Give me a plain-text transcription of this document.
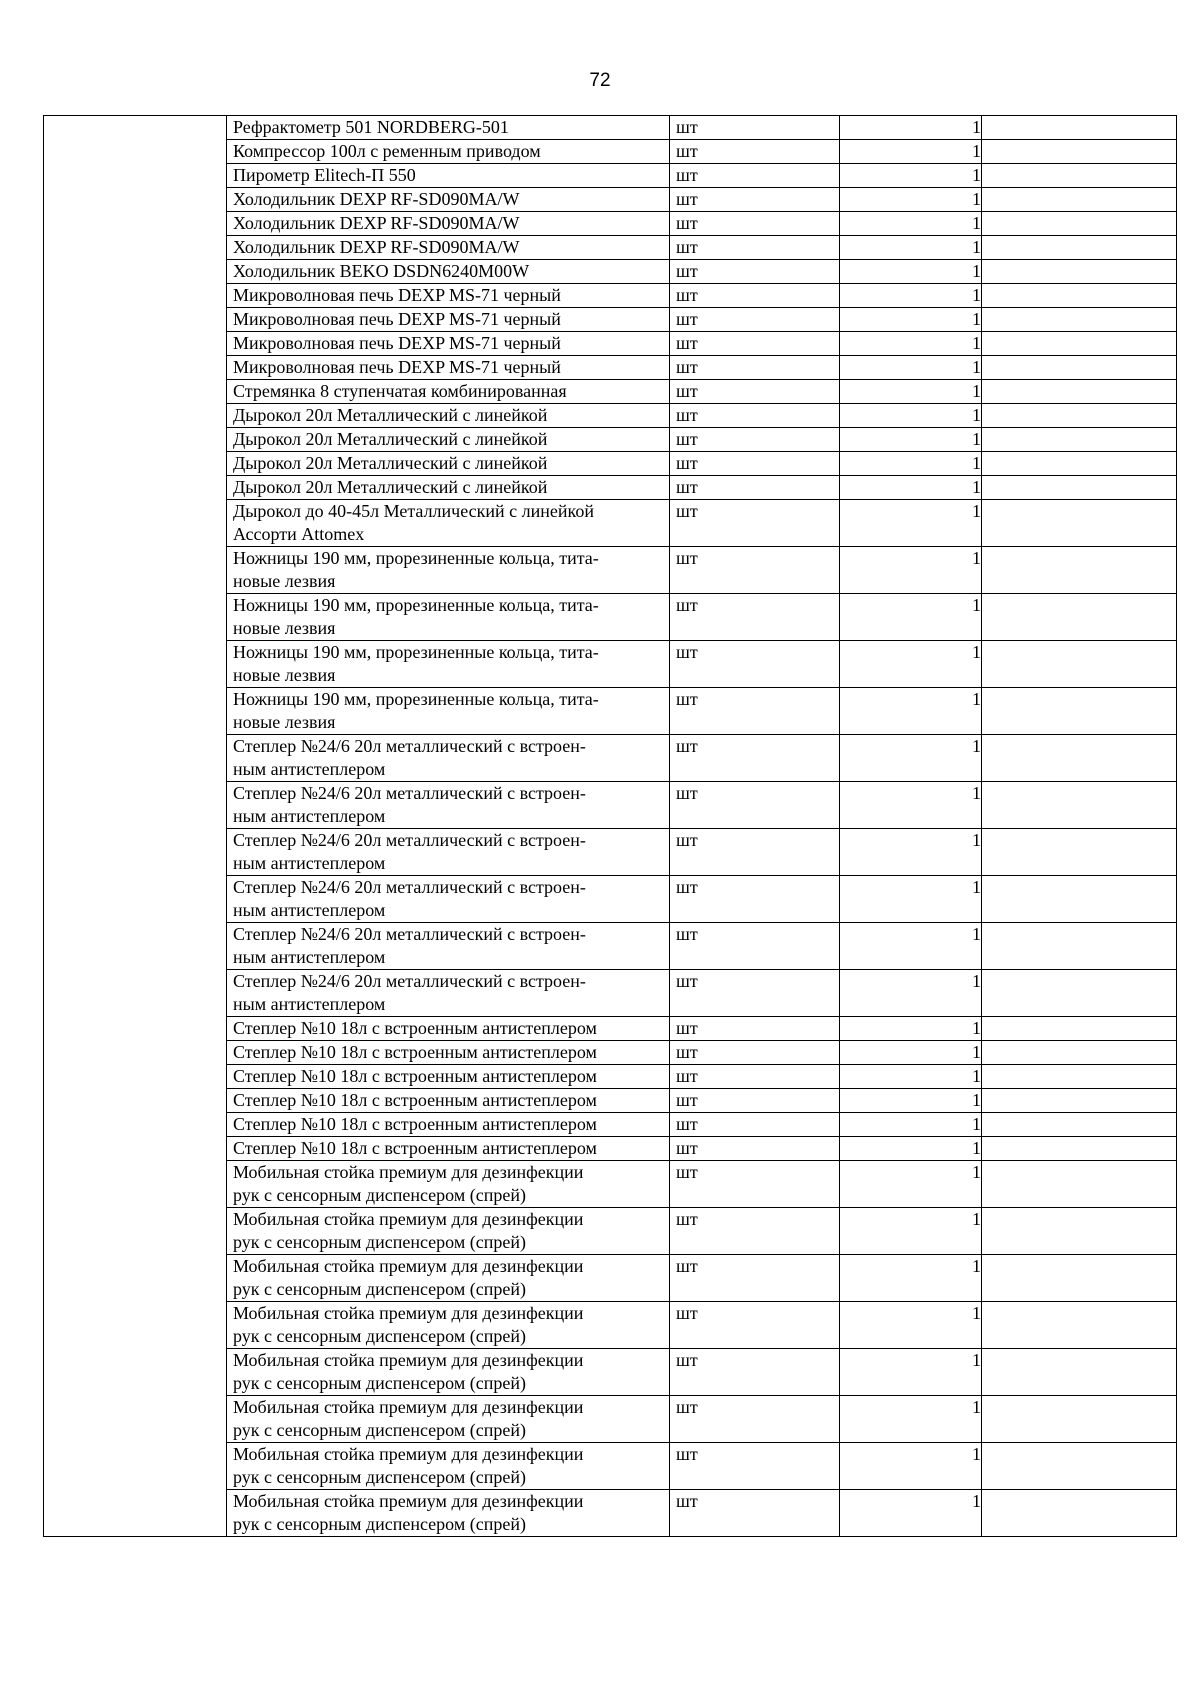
72
	Рефрактометр 501 NORDBERG-501	шт	1	
	Компрессор 100л с ременным приводом	шт	1	
	Пирометр Elitech-П 550	шт	1	
	Холодильник DEXP RF-SD090MA/W	шт	1	
	Холодильник DEXP RF-SD090MA/W	шт	1	
	Холодильник DEXP RF-SD090MA/W	шт	1	
	Холодильник BEKO DSDN6240M00W	шт	1	
	Микроволновая печь DEXP MS-71 черный	шт	1	
	Микроволновая печь DEXP MS-71 черный	шт	1	
	Микроволновая печь DEXP MS-71 черный	шт	1	
	Микроволновая печь DEXP MS-71 черный	шт	1	
	Стремянка 8 ступенчатая комбинированная	шт	1	
	Дырокол 20л Металлический с линейкой	шт	1	
	Дырокол 20л Металлический с линейкой	шт	1	
	Дырокол 20л Металлический с линейкой	шт	1	
	Дырокол 20л Металлический с линейкой	шт	1	
	Дырокол до 40-45л Металлический с линейкой
Ассорти Attomex	шт	1	
	Ножницы 190 мм, прорезиненные кольца, тита-
новые лезвия	шт	1	
	Ножницы 190 мм, прорезиненные кольца, тита-
новые лезвия	шт	1	
	Ножницы 190 мм, прорезиненные кольца, тита-
новые лезвия	шт	1	
	Ножницы 190 мм, прорезиненные кольца, тита-
новые лезвия	шт	1	
	Степлер №24/6 20л металлический с встроен-
ным антистеплером	шт	1	
	Степлер №24/6 20л металлический с встроен-
ным антистеплером	шт	1	
	Степлер №24/6 20л металлический с встроен-
ным антистеплером	шт	1	
	Степлер №24/6 20л металлический с встроен-
ным антистеплером	шт	1	
	Степлер №24/6 20л металлический с встроен-
ным антистеплером	шт	1	
	Степлер №24/6 20л металлический с встроен-
ным антистеплером	шт	1	
	Степлер №10 18л с встроенным антистеплером	шт	1	
	Степлер №10 18л с встроенным антистеплером	шт	1	
	Степлер №10 18л с встроенным антистеплером	шт	1	
	Степлер №10 18л с встроенным антистеплером	шт	1	
	Степлер №10 18л с встроенным антистеплером	шт	1	
	Степлер №10 18л с встроенным антистеплером	шт	1	
	Мобильная стойка премиум для дезинфекции
рук с сенсорным диспенсером (спрей)	шт	1	
	Мобильная стойка премиум для дезинфекции
рук с сенсорным диспенсером (спрей)	шт	1	
	Мобильная стойка премиум для дезинфекции
рук с сенсорным диспенсером (спрей)	шт	1	
	Мобильная стойка премиум для дезинфекции
рук с сенсорным диспенсером (спрей)	шт	1	
	Мобильная стойка премиум для дезинфекции
рук с сенсорным диспенсером (спрей)	шт	1	
	Мобильная стойка премиум для дезинфекции
рук с сенсорным диспенсером (спрей)	шт	1	
	Мобильная стойка премиум для дезинфекции
рук с сенсорным диспенсером (спрей)	шт	1	
	Мобильная стойка премиум для дезинфекции
рук с сенсорным диспенсером (спрей)	шт	1	
